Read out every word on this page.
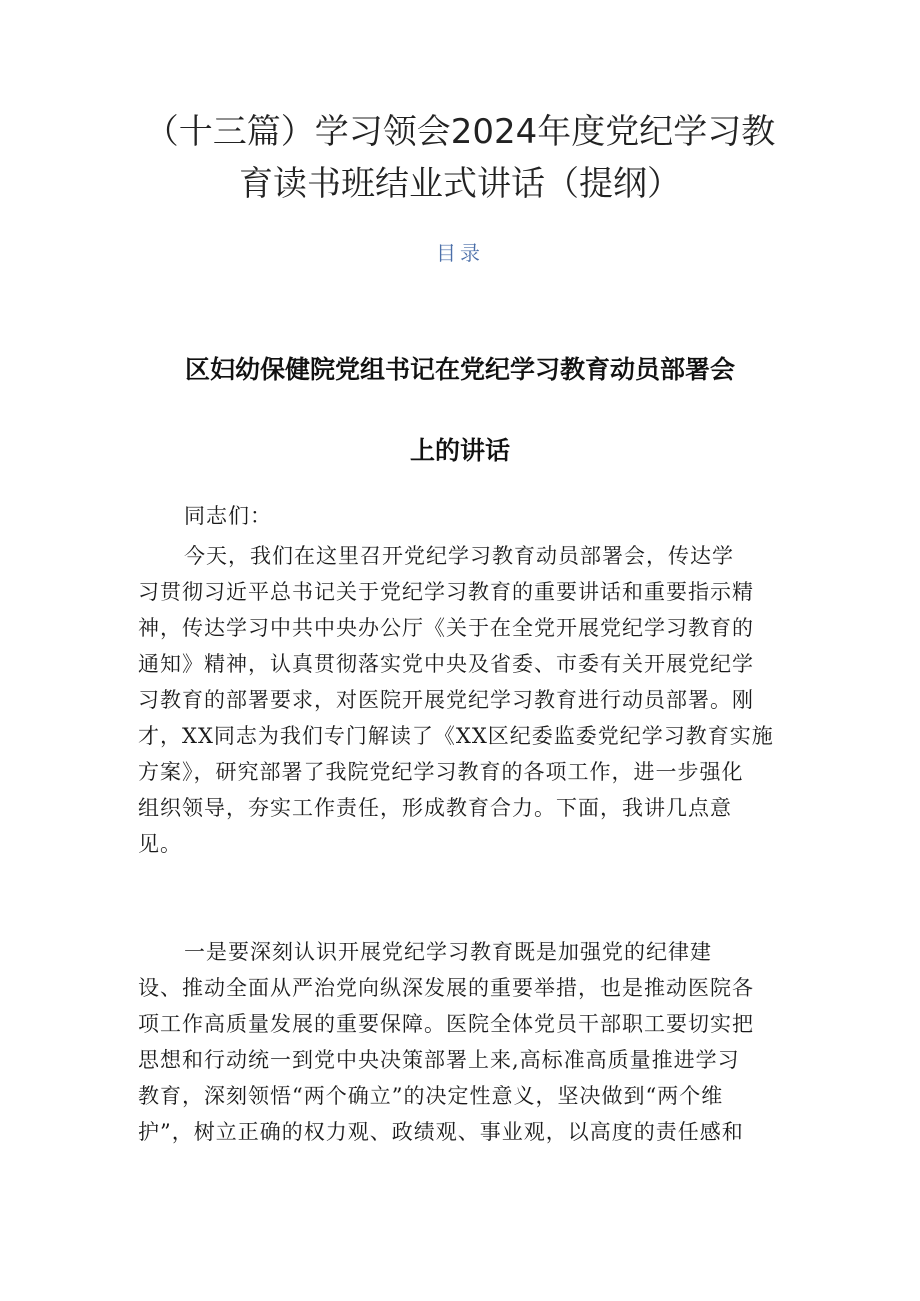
（十三篇）学习领会2024年度党纪学习教
育读书班结业式讲话（提纲）
目录
区妇幼保健院党组书记在党纪学习教育动员部署会
上的讲话

同志们：

今天，我们在这里召开党纪学习教育动员部署会，传达学
习贯彻习近平总书记关于党纪学习教育的重要讲话和重要指示精
神，传达学习中共中央办公厅《关于在全党开展党纪学习教育的
通知》精神，认真贯彻落实党中央及省委、市委有关开展党纪学
习教育的部署要求，对医院开展党纪学习教育进行动员部署。刚
才，XX同志为我们专门解读了《XX区纪委监委党纪学习教育实施
方案》，研究部署了我院党纪学习教育的各项工作，进一步强化
组织领导，夯实工作责任，形成教育合力。下面，我讲几点意
见。

一是要深刻认识开展党纪学习教育既是加强党的纪律建
设、推动全面从严治党向纵深发展的重要举措，也是推动医院各
项工作高质量发展的重要保障。医院全体党员干部职工要切实把
思想和行动统一到党中央决策部署上来,高标准高质量推进学习
教育，深刻领悟“两个确立”的决定性意义，坚决做到“两个维
护”，树立正确的权力观、政绩观、事业观，以高度的责任感和
